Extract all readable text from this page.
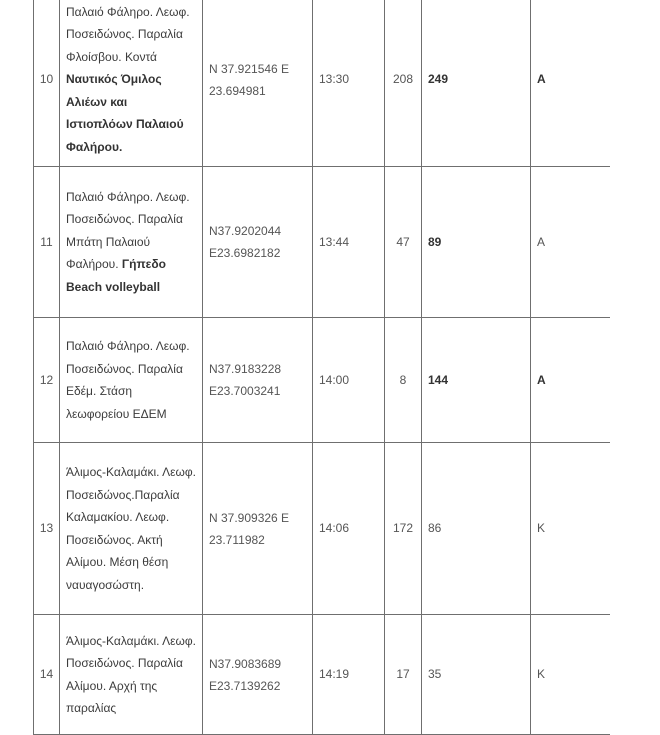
10	Παλαιό Φάληρο. Λεωφ. Ποσειδώνος. Παραλία Φλοίσβου. Κοντά Ναυτικός Όμιλος Αλιέων και Ιστιοπλόων Παλαιού Φαλήρου.	N 37.921546 E 23.694981	13:30	208	249	Α
11	Παλαιό Φάληρο. Λεωφ. Ποσειδώνος. Παραλία Μπάτη Παλαιού Φαλήρου. Γήπεδο Beach volleyball	N37.9202044 E23.6982182	13:44	47	89	Α
12	Παλαιό Φάληρο. Λεωφ. Ποσειδώνος. Παραλία Εδέμ. Στάση λεωφορείου ΕΔΕΜ	N37.9183228 E23.7003241	14:00	8	144	Α
13	Άλιμος-Καλαμάκι. Λεωφ. Ποσειδώνος.Παραλία Καλαμακίου. Λεωφ. Ποσειδώνος. Ακτή Αλίμου. Μέση θέση ναυαγοσώστη.	N 37.909326 E 23.711982	14:06	172	86	Κ
14	Άλιμος-Καλαμάκι. Λεωφ. Ποσειδώνος. Παραλία Αλίμου. Αρχή της παραλίας	N37.9083689 E23.7139262	14:19	17	35	Κ
